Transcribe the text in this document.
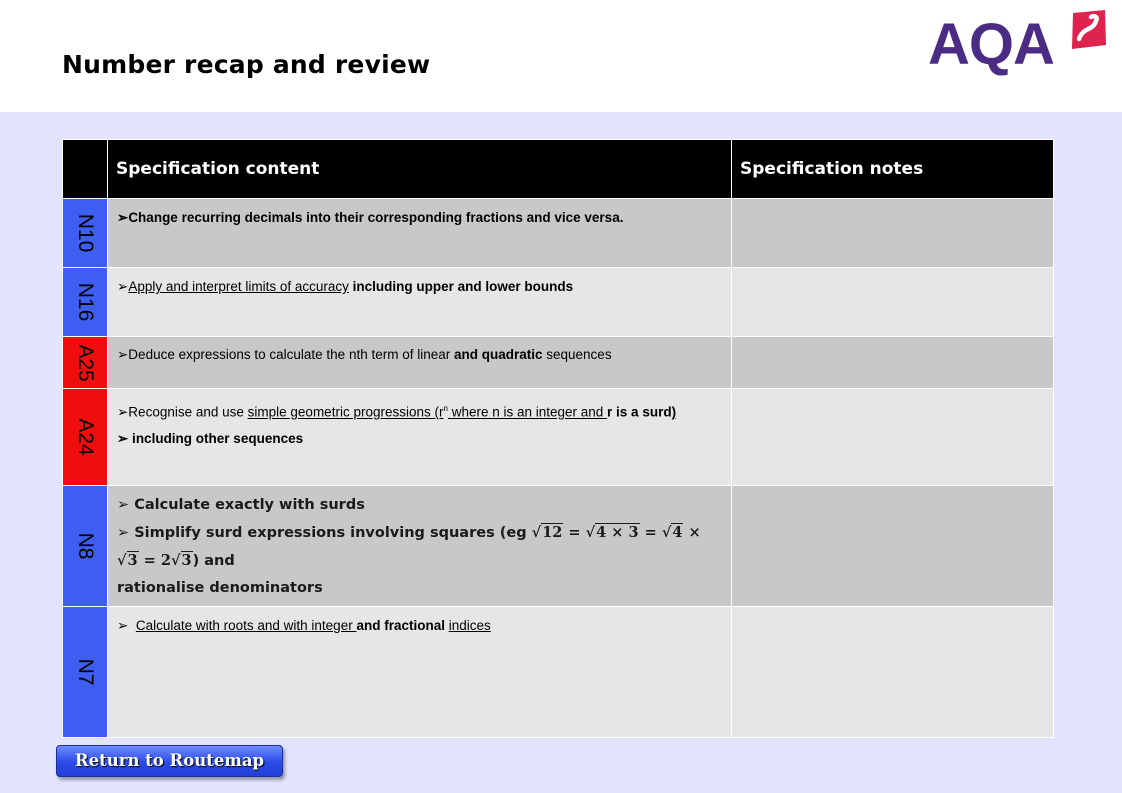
Number recap and review	AQA
	Specification content	Specification notes

N10	➢Change recurring decimals into their corresponding fractions and vice versa.	

N16	➢Apply and interpret limits of accuracy including upper and lower bounds	

A25	➢Deduce expressions to calculate the nth term of linear and quadratic sequences	

A24	➢Recognise and use simple geometric progressions ($r^n$ where n is an integer and r is a surd)
➢ including other sequences	

N8	➢ Calculate exactly with surds
➢ Simplify surd expressions involving squares (eg √12 = √4 × 3 = √4 × √3 = 2√3) and
rationalise denominators	

N7	➢  Calculate with roots and with integer and fractional indices	
Return to Routemap
